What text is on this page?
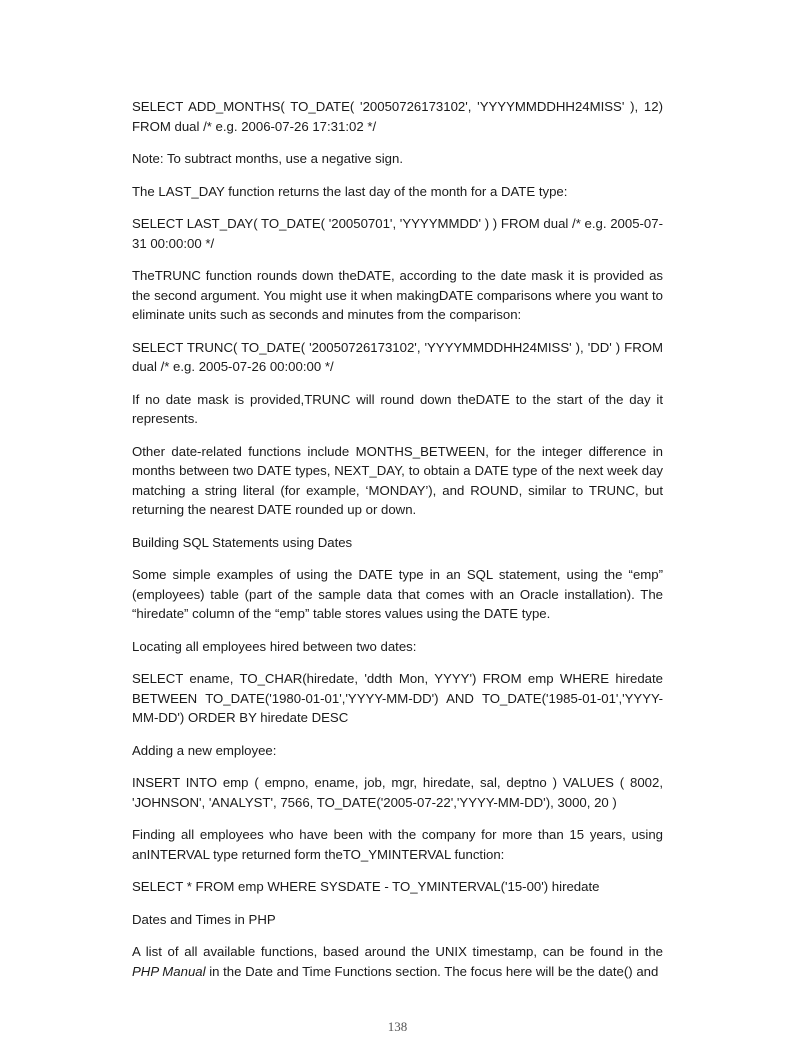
SELECT ADD_MONTHS( TO_DATE( '20050726173102', 'YYYYMMDDHH24MISS' ), 12) FROM dual /* e.g. 2006-07-26 17:31:02 */

Note: To subtract months, use a negative sign.

The LAST_DAY function returns the last day of the month for a DATE type:

SELECT LAST_DAY( TO_DATE( '20050701', 'YYYYMMDD' ) ) FROM dual /* e.g. 2005-07-31 00:00:00 */

TheTRUNC function rounds down theDATE, according to the date mask it is provided as the second argument. You might use it when makingDATE comparisons where you want to eliminate units such as seconds and minutes from the comparison:

SELECT TRUNC( TO_DATE( '20050726173102', 'YYYYMMDDHH24MISS' ), 'DD' ) FROM dual /* e.g. 2005-07-26 00:00:00 */

If no date mask is provided,TRUNC will round down theDATE to the start of the day it represents.

Other date-related functions include MONTHS_BETWEEN, for the integer difference in months between two DATE types, NEXT_DAY, to obtain a DATE type of the next week day matching a string literal (for example, ‘MONDAY’), and ROUND, similar to TRUNC, but returning the nearest DATE rounded up or down.

Building SQL Statements using Dates

Some simple examples of using the DATE type in an SQL statement, using the “emp” (employees) table (part of the sample data that comes with an Oracle installation). The “hiredate” column of the “emp” table stores values using the DATE type.

Locating all employees hired between two dates:

SELECT ename, TO_CHAR(hiredate, 'ddth Mon, YYYY') FROM emp WHERE hiredate BETWEEN TO_DATE('1980-01-01','YYYY-MM-DD') AND TO_DATE('1985-01-01','YYYY-MM-DD') ORDER BY hiredate DESC

Adding a new employee:

INSERT INTO emp ( empno, ename, job, mgr, hiredate, sal, deptno ) VALUES ( 8002, 'JOHNSON', 'ANALYST', 7566, TO_DATE('2005-07-22','YYYY-MM-DD'), 3000, 20 )

Finding all employees who have been with the company for more than 15 years, using anINTERVAL type returned form theTO_YMINTERVAL function:

SELECT * FROM emp WHERE SYSDATE - TO_YMINTERVAL('15-00') hiredate

Dates and Times in PHP

A list of all available functions, based around the UNIX timestamp, can be found in the PHP Manual in the Date and Time Functions section. The focus here will be the date() and

138
